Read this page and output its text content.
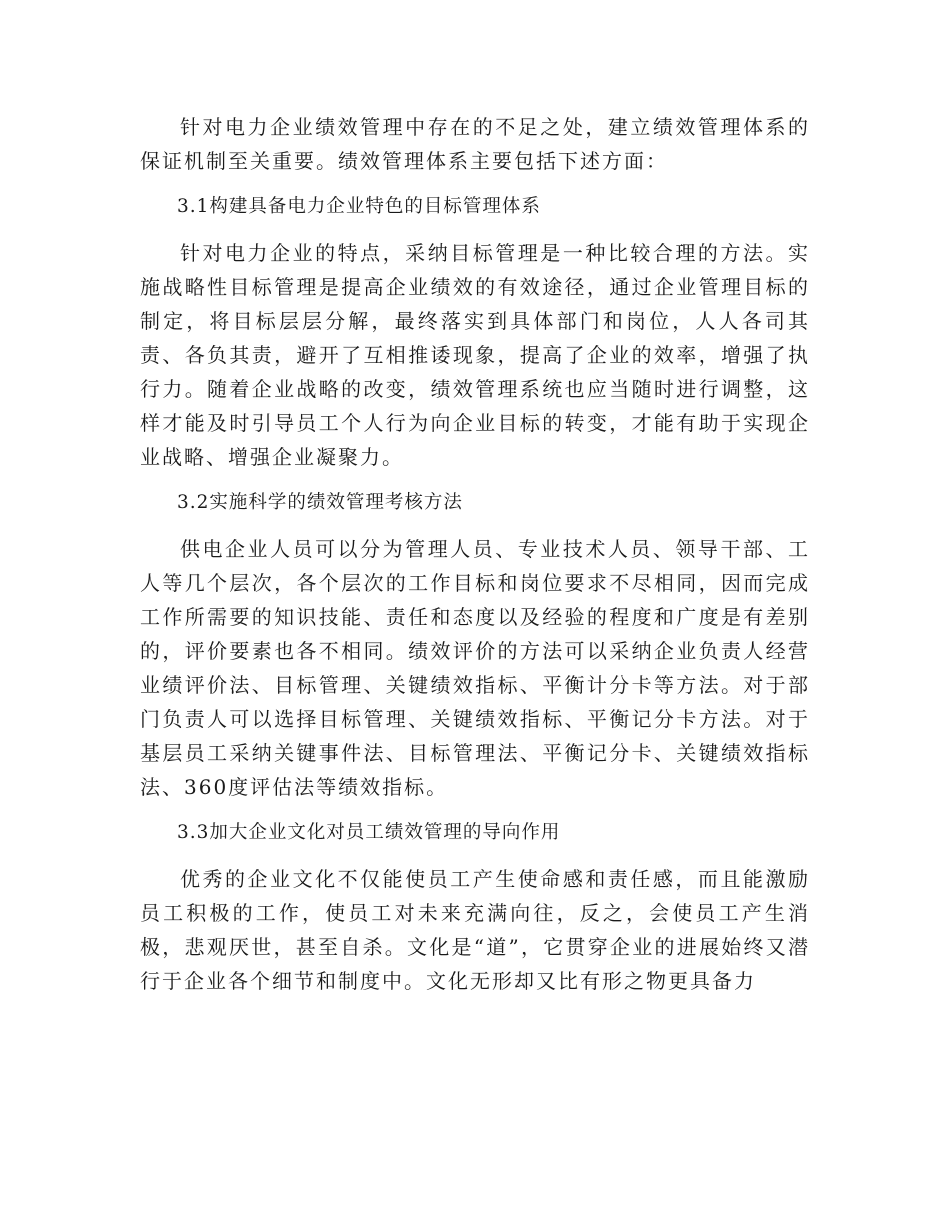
针对电力企业绩效管理中存在的不足之处，建立绩效管理体系的保证机制至关重要。绩效管理体系主要包括下述方面：

3.1构建具备电力企业特色的目标管理体系

针对电力企业的特点，采纳目标管理是一种比较合理的方法。实施战略性目标管理是提高企业绩效的有效途径，通过企业管理目标的制定，将目标层层分解，最终落实到具体部门和岗位，人人各司其责、各负其责，避开了互相推诿现象，提高了企业的效率，增强了执行力。随着企业战略的改变，绩效管理系统也应当随时进行调整，这样才能及时引导员工个人行为向企业目标的转变，才能有助于实现企业战略、增强企业凝聚力。

3.2实施科学的绩效管理考核方法

供电企业人员可以分为管理人员、专业技术人员、领导干部、工人等几个层次，各个层次的工作目标和岗位要求不尽相同，因而完成工作所需要的知识技能、责任和态度以及经验的程度和广度是有差别的，评价要素也各不相同。绩效评价的方法可以采纳企业负责人经营业绩评价法、目标管理、关键绩效指标、平衡计分卡等方法。对于部门负责人可以选择目标管理、关键绩效指标、平衡记分卡方法。对于基层员工采纳关键事件法、目标管理法、平衡记分卡、关键绩效指标法、360度评估法等绩效指标。

3.3加大企业文化对员工绩效管理的导向作用

优秀的企业文化不仅能使员工产生使命感和责任感，而且能激励员工积极的工作，使员工对未来充满向往，反之，会使员工产生消极，悲观厌世，甚至自杀。文化是“道”，它贯穿企业的进展始终又潜行于企业各个细节和制度中。文化无形却又比有形之物更具备力
